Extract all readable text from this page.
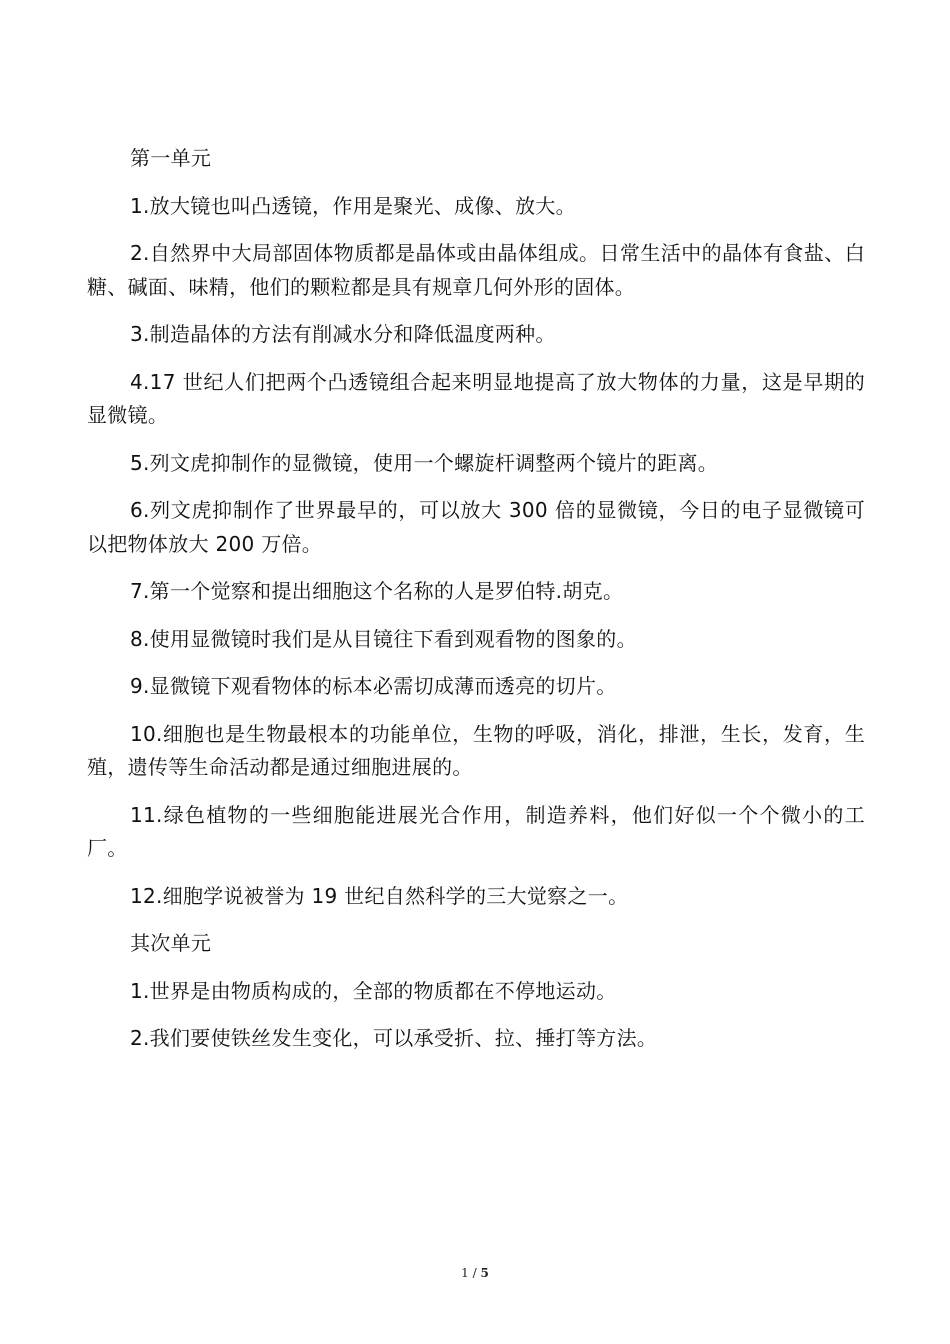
第一单元

1.放大镜也叫凸透镜，作用是聚光、成像、放大。

2.自然界中大局部固体物质都是晶体或由晶体组成。日常生活中的晶体有食盐、白糖、碱面、味精，他们的颗粒都是具有规章几何外形的固体。

3.制造晶体的方法有削减水分和降低温度两种。

4.17 世纪人们把两个凸透镜组合起来明显地提高了放大物体的力量，这是早期的显微镜。

5.列文虎抑制作的显微镜，使用一个螺旋杆调整两个镜片的距离。

6.列文虎抑制作了世界最早的，可以放大 300 倍的显微镜，今日的电子显微镜可以把物体放大 200 万倍。

7.第一个觉察和提出细胞这个名称的人是罗伯特.胡克。

8.使用显微镜时我们是从目镜往下看到观看物的图象的。

9.显微镜下观看物体的标本必需切成薄而透亮的切片。

10.细胞也是生物最根本的功能单位，生物的呼吸，消化，排泄，生长，发育，生殖，遗传等生命活动都是通过细胞进展的。

11.绿色植物的一些细胞能进展光合作用，制造养料，他们好似一个个微小的工厂。

12.细胞学说被誉为 19 世纪自然科学的三大觉察之一。

其次单元

1.世界是由物质构成的，全部的物质都在不停地运动。

2.我们要使铁丝发生变化，可以承受折、拉、捶打等方法。

1 / 5
